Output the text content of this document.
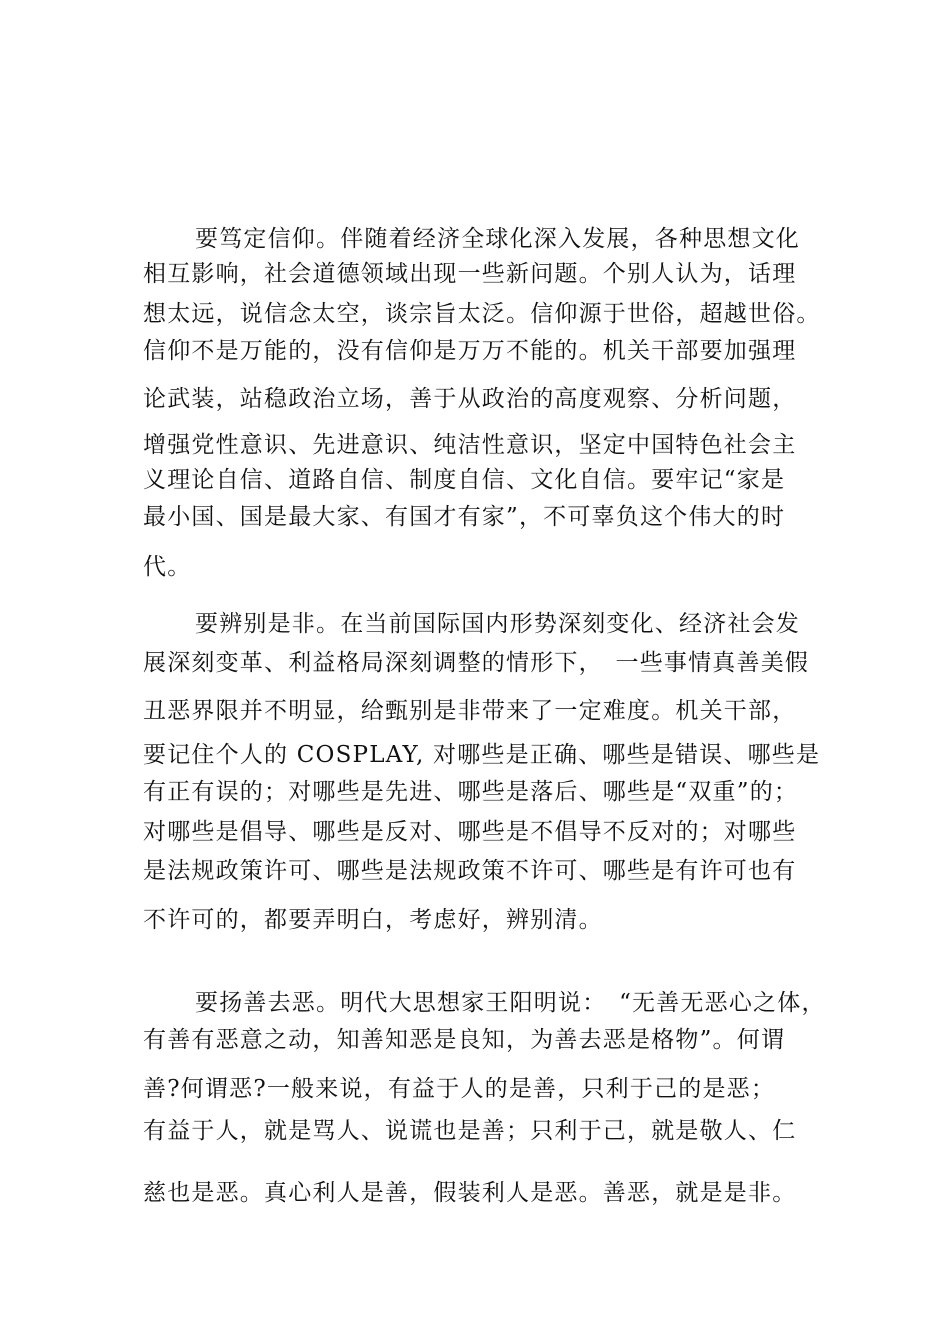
要笃定信仰。伴随着经济全球化深入发展，各种思想文化
相互影响，社会道德领域出现一些新问题。个别人认为，话理
想太远，说信念太空，谈宗旨太泛。信仰源于世俗，超越世俗。
信仰不是万能的，没有信仰是万万不能的。机关干部要加强理
论武装，站稳政治立场，善于从政治的高度观察、分析问题，
增强党性意识、先进意识、纯洁性意识，坚定中国特色社会主
义理论自信、道路自信、制度自信、文化自信。要牢记“家是
最小国、国是最大家、有国才有家”，不可辜负这个伟大的时
代。
要辨别是非。在当前国际国内形势深刻变化、经济社会发
展深刻变革、利益格局深刻调整的情形下，　一些事情真善美假
丑恶界限并不明显，给甄别是非带来了一定难度。机关干部，
要记住个人的 COSPLAY, 对哪些是正确、哪些是错误、哪些是
有正有误的；对哪些是先进、哪些是落后、哪些是“双重”的；
对哪些是倡导、哪些是反对、哪些是不倡导不反对的；对哪些
是法规政策许可、哪些是法规政策不许可、哪些是有许可也有
不许可的，都要弄明白，考虑好，辨别清。
要扬善去恶。明代大思想家王阳明说：　“无善无恶心之体，
有善有恶意之动，知善知恶是良知，为善去恶是格物”。何谓
善?何谓恶?一般来说，有益于人的是善，只利于己的是恶；
有益于人，就是骂人、说谎也是善；只利于己，就是敬人、仁
慈也是恶。真心利人是善，假装利人是恶。善恶，就是是非。
